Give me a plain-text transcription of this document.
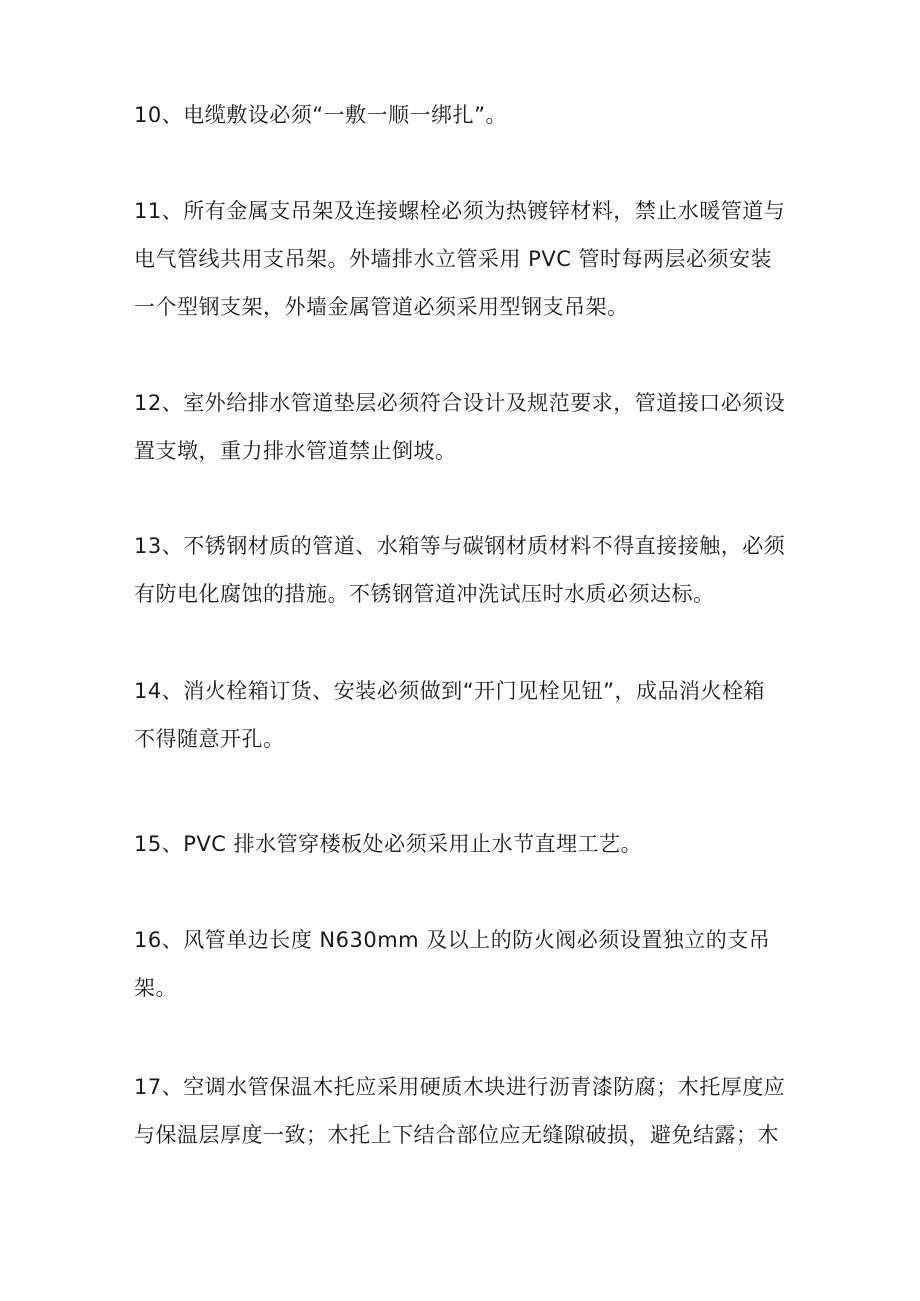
10、电缆敷设必须“一敷一顺一绑扎”。

11、所有金属支吊架及连接螺栓必须为热镀锌材料，禁止水暖管道与
电气管线共用支吊架。外墙排水立管采用 PVC 管时每两层必须安装
一个型钢支架，外墙金属管道必须采用型钢支吊架。

12、室外给排水管道垫层必须符合设计及规范要求，管道接口必须设
置支墩，重力排水管道禁止倒坡。

13、不锈钢材质的管道、水箱等与碳钢材质材料不得直接接触，必须
有防电化腐蚀的措施。不锈钢管道冲洗试压时水质必须达标。

14、消火栓箱订货、安装必须做到“开门见栓见钮”，成品消火栓箱
不得随意开孔。

15、PVC 排水管穿楼板处必须采用止水节直埋工艺。

16、风管单边长度 N630mm 及以上的防火阀必须设置独立的支吊
架。

17、空调水管保温木托应采用硬质木块进行沥青漆防腐；木托厚度应
与保温层厚度一致；木托上下结合部位应无缝隙破损，避免结露；木
